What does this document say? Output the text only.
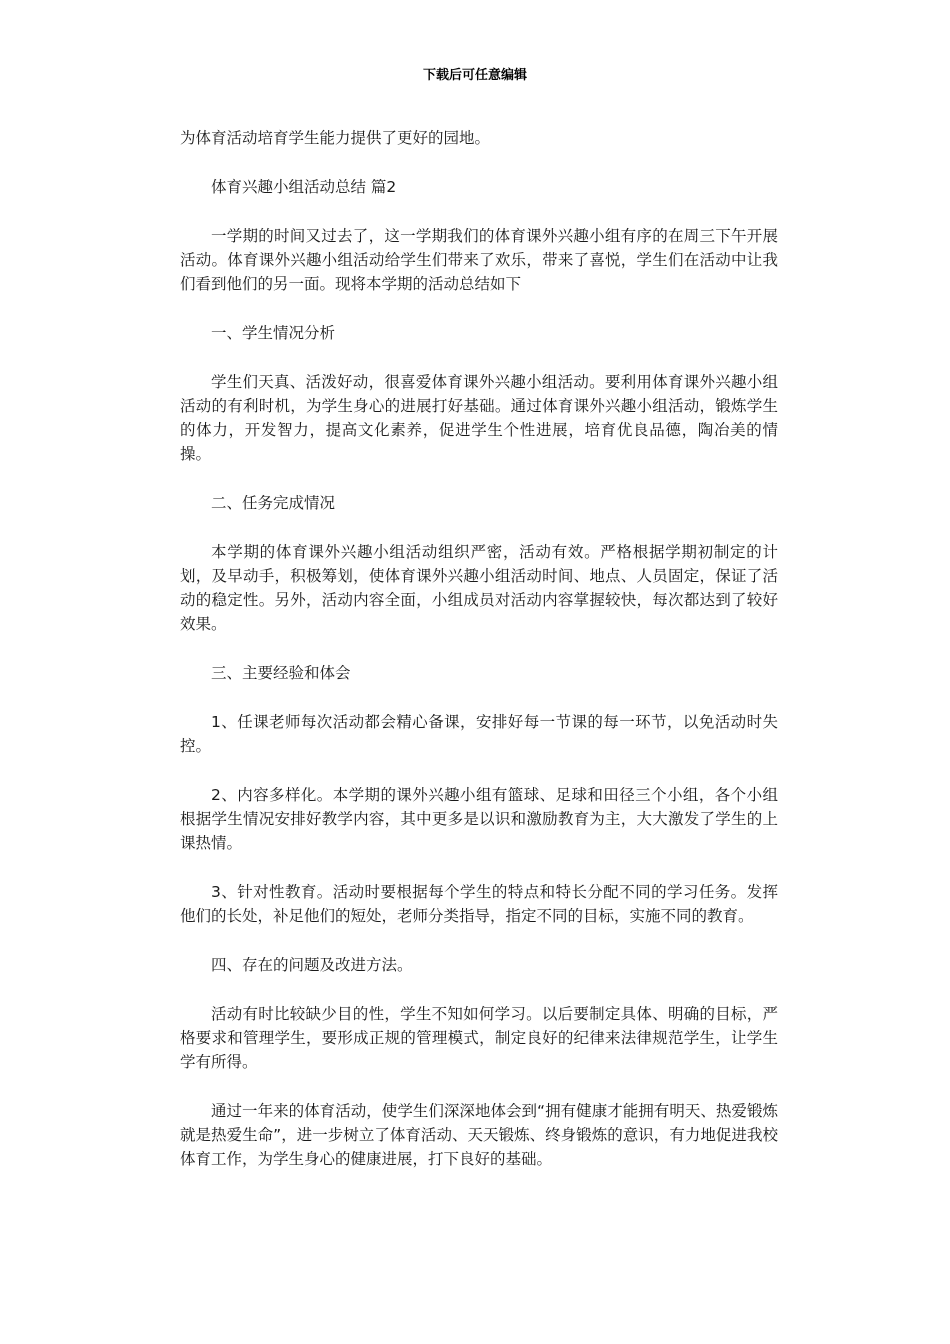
下载后可任意编辑

为体育活动培育学生能力提供了更好的园地。

体育兴趣小组活动总结 篇2

一学期的时间又过去了，这一学期我们的体育课外兴趣小组有序的在周三下午开展活动。体育课外兴趣小组活动给学生们带来了欢乐，带来了喜悦，学生们在活动中让我们看到他们的另一面。现将本学期的活动总结如下

一、学生情况分析

学生们天真、活泼好动，很喜爱体育课外兴趣小组活动。要利用体育课外兴趣小组活动的有利时机，为学生身心的进展打好基础。通过体育课外兴趣小组活动，锻炼学生的体力，开发智力，提高文化素养，促进学生个性进展，培育优良品德，陶冶美的情操。

二、任务完成情况

本学期的体育课外兴趣小组活动组织严密，活动有效。严格根据学期初制定的计划，及早动手，积极筹划，使体育课外兴趣小组活动时间、地点、人员固定，保证了活动的稳定性。另外，活动内容全面，小组成员对活动内容掌握较快，每次都达到了较好效果。

三、主要经验和体会

1、任课老师每次活动都会精心备课，安排好每一节课的每一环节，以免活动时失控。

2、内容多样化。本学期的课外兴趣小组有篮球、足球和田径三个小组，各个小组根据学生情况安排好教学内容，其中更多是以识和激励教育为主，大大激发了学生的上课热情。

3、针对性教育。活动时要根据每个学生的特点和特长分配不同的学习任务。发挥他们的长处，补足他们的短处，老师分类指导，指定不同的目标，实施不同的教育。

四、存在的问题及改进方法。

活动有时比较缺少目的性，学生不知如何学习。以后要制定具体、明确的目标，严格要求和管理学生，要形成正规的管理模式，制定良好的纪律来法律规范学生，让学生学有所得。

通过一年来的体育活动，使学生们深深地体会到“拥有健康才能拥有明天、热爱锻炼就是热爱生命”，进一步树立了体育活动、天天锻炼、终身锻炼的意识，有力地促进我校体育工作，为学生身心的健康进展，打下良好的基础。
